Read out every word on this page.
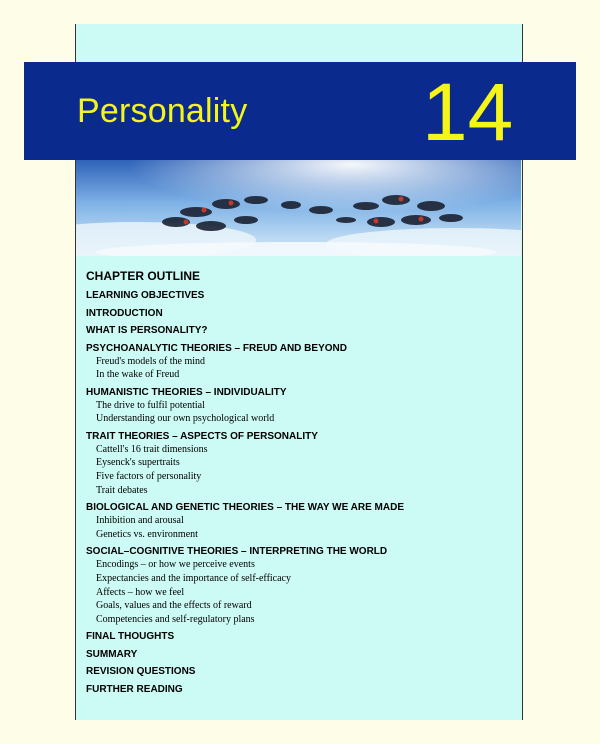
Personality 14
CHAPTER OUTLINE
LEARNING OBJECTIVES
INTRODUCTION
WHAT IS PERSONALITY?
PSYCHOANALYTIC THEORIES – FREUD AND BEYOND
Freud's models of the mind
In the wake of Freud
HUMANISTIC THEORIES – INDIVIDUALITY
The drive to fulfil potential
Understanding our own psychological world
TRAIT THEORIES – ASPECTS OF PERSONALITY
Cattell's 16 trait dimensions
Eysenck's supertraits
Five factors of personality
Trait debates
BIOLOGICAL AND GENETIC THEORIES – THE WAY WE ARE MADE
Inhibition and arousal
Genetics vs. environment
SOCIAL–COGNITIVE THEORIES – INTERPRETING THE WORLD
Encodings – or how we perceive events
Expectancies and the importance of self-efficacy
Affects – how we feel
Goals, values and the effects of reward
Competencies and self-regulatory plans
FINAL THOUGHTS
SUMMARY
REVISION QUESTIONS
FURTHER READING
